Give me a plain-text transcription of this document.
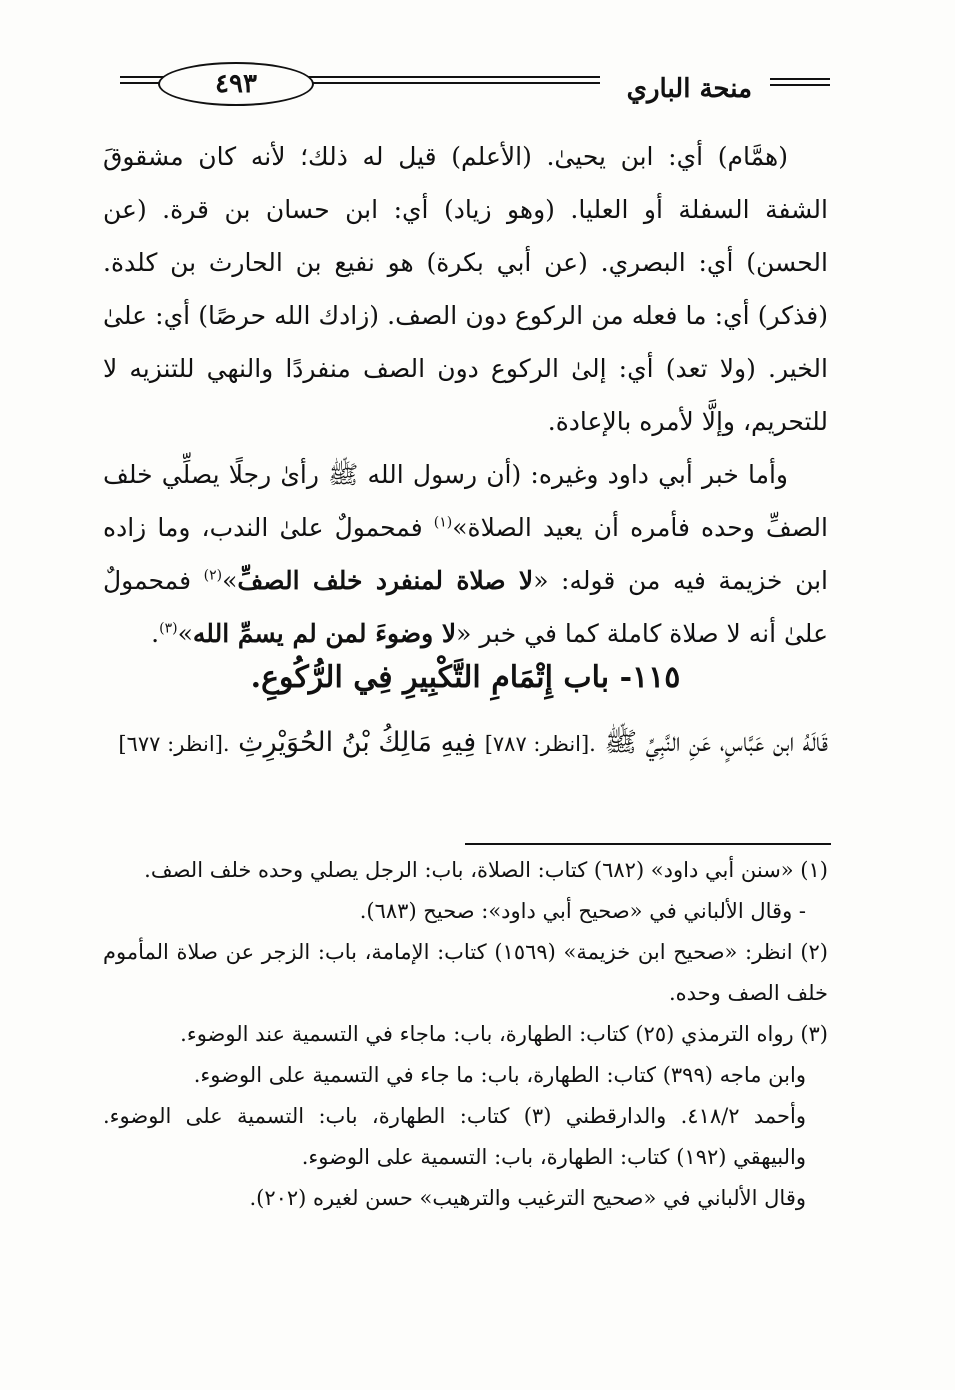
منحة الباري
٤٩٣

(همَّام) أي: ابن يحيىٰ. (الأعلم) قيل له ذلك؛ لأنه كان مشقوقَ الشفة السفلة أو العليا. (وهو زياد) أي: ابن حسان بن قرة. (عن الحسن) أي: البصري. (عن أبي بكرة) هو نفيع بن الحارث بن كلدة. (فذكر) أي: ما فعله من الركوع دون الصف. (زادك الله حرصًا) أي: علىٰ الخير. (ولا تعد) أي: إلىٰ الركوع دون الصف منفردًا والنهي للتنزيه لا للتحريم، وإلَّا لأمره بالإعادة.

وأما خبر أبي داود وغيره: (أن رسول الله ﷺ رأىٰ رجلًا يصلِّي خلف الصفِّ وحده فأمره أن يعيد الصلاة»$^{(١)}$ فمحمولٌ علىٰ الندب، وما زاده ابن خزيمة فيه من قوله: «لا صلاة لمنفرد خلف الصفِّ»$^{(٢)}$ فمحمولٌ علىٰ أنه لا صلاة كاملة كما في خبر «لا وضوءَ لمن لم يسمِّ الله»$^{(٣)}$.

١١٥- باب إِتْمَامِ التَّكْبِيرِ فِي الرُّكُوعِ.
قَالَهُ ابن عَبَّاسٍ، عَنِ النَّبِيِّ ﷺ .[انظر: ٧٨٧] فِيهِ مَالِكُ بْنُ الحُوَيْرِثِ .[انظر: ٦٧٧]

(١) «سنن أبي داود» (٦٨٢) كتاب: الصلاة، باب: الرجل يصلي وحده خلف الصف.

- وقال الألباني في «صحيح أبي داود»: صحيح (٦٨٣).

(٢) انظر: «صحيح ابن خزيمة» (١٥٦٩) كتاب: الإمامة، باب: الزجر عن صلاة المأموم خلف الصف وحده.

(٣) رواه الترمذي (٢٥) كتاب: الطهارة، باب: ماجاء في التسمية عند الوضوء.

وابن ماجه (٣٩٩) كتاب: الطهارة، باب: ما جاء في التسمية على الوضوء.

وأحمد ٤١٨/٢. والدارقطني (٣) كتاب: الطهارة، باب: التسمية على الوضوء. والبيهقي (١٩٢) كتاب: الطهارة، باب: التسمية على الوضوء.

وقال الألباني في «صحيح الترغيب والترهيب» حسن لغيره (٢٠٢).
